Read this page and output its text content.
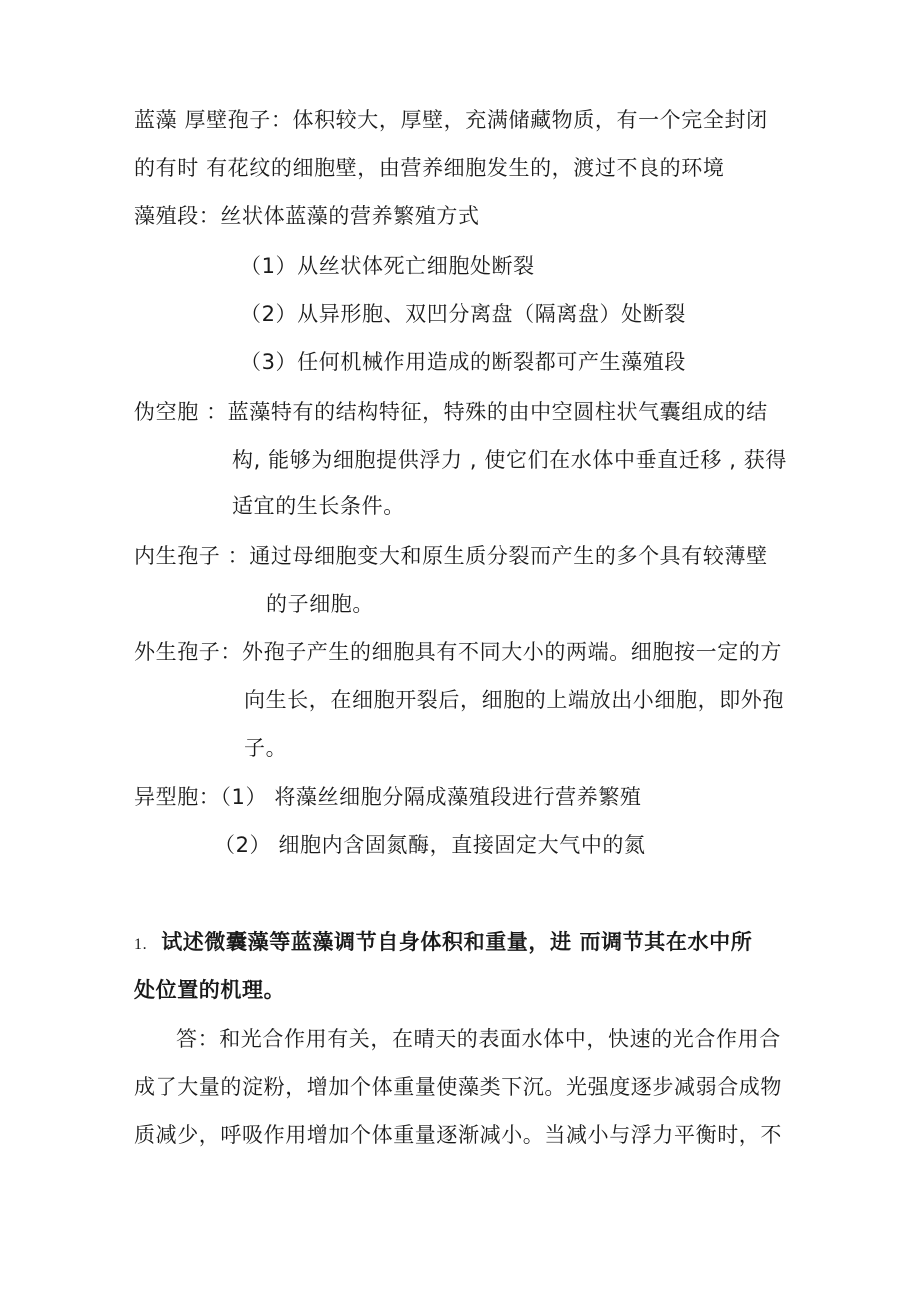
蓝藻 厚壁孢子：体积较大，厚壁，充满储藏物质，有一个完全封闭
的有时 有花纹的细胞壁，由营养细胞发生的，渡过不良的环境
藻殖段：丝状体蓝藻的营养繁殖方式
（1）从丝状体死亡细胞处断裂
（2）从异形胞、双凹分离盘（隔离盘）处断裂
（3）任何机械作用造成的断裂都可产生藻殖段
伪空胞 ：蓝藻特有的结构特征，特殊的由中空圆柱状气囊组成的结
构, 能够为细胞提供浮力 , 使它们在水体中垂直迁移 , 获得
适宜的生长条件。
内生孢子 ：通过母细胞变大和原生质分裂而产生的多个具有较薄壁
的子细胞。
外生孢子：外孢子产生的细胞具有不同大小的两端。细胞按一定的方
向生长，在细胞开裂后，细胞的上端放出小细胞，即外孢
子。
异型胞：（1） 将藻丝细胞分隔成藻殖段进行营养繁殖
（2） 细胞内含固氮酶，直接固定大气中的氮
1. 试述微囊藻等蓝藻调节自身体积和重量，进 而调节其在水中所
处位置的机理。
答：和光合作用有关，在晴天的表面水体中，快速的光合作用合
成了大量的淀粉，增加个体重量使藻类下沉。光强度逐步减弱合成物
质减少，呼吸作用增加个体重量逐渐减小。当减小与浮力平衡时，不
